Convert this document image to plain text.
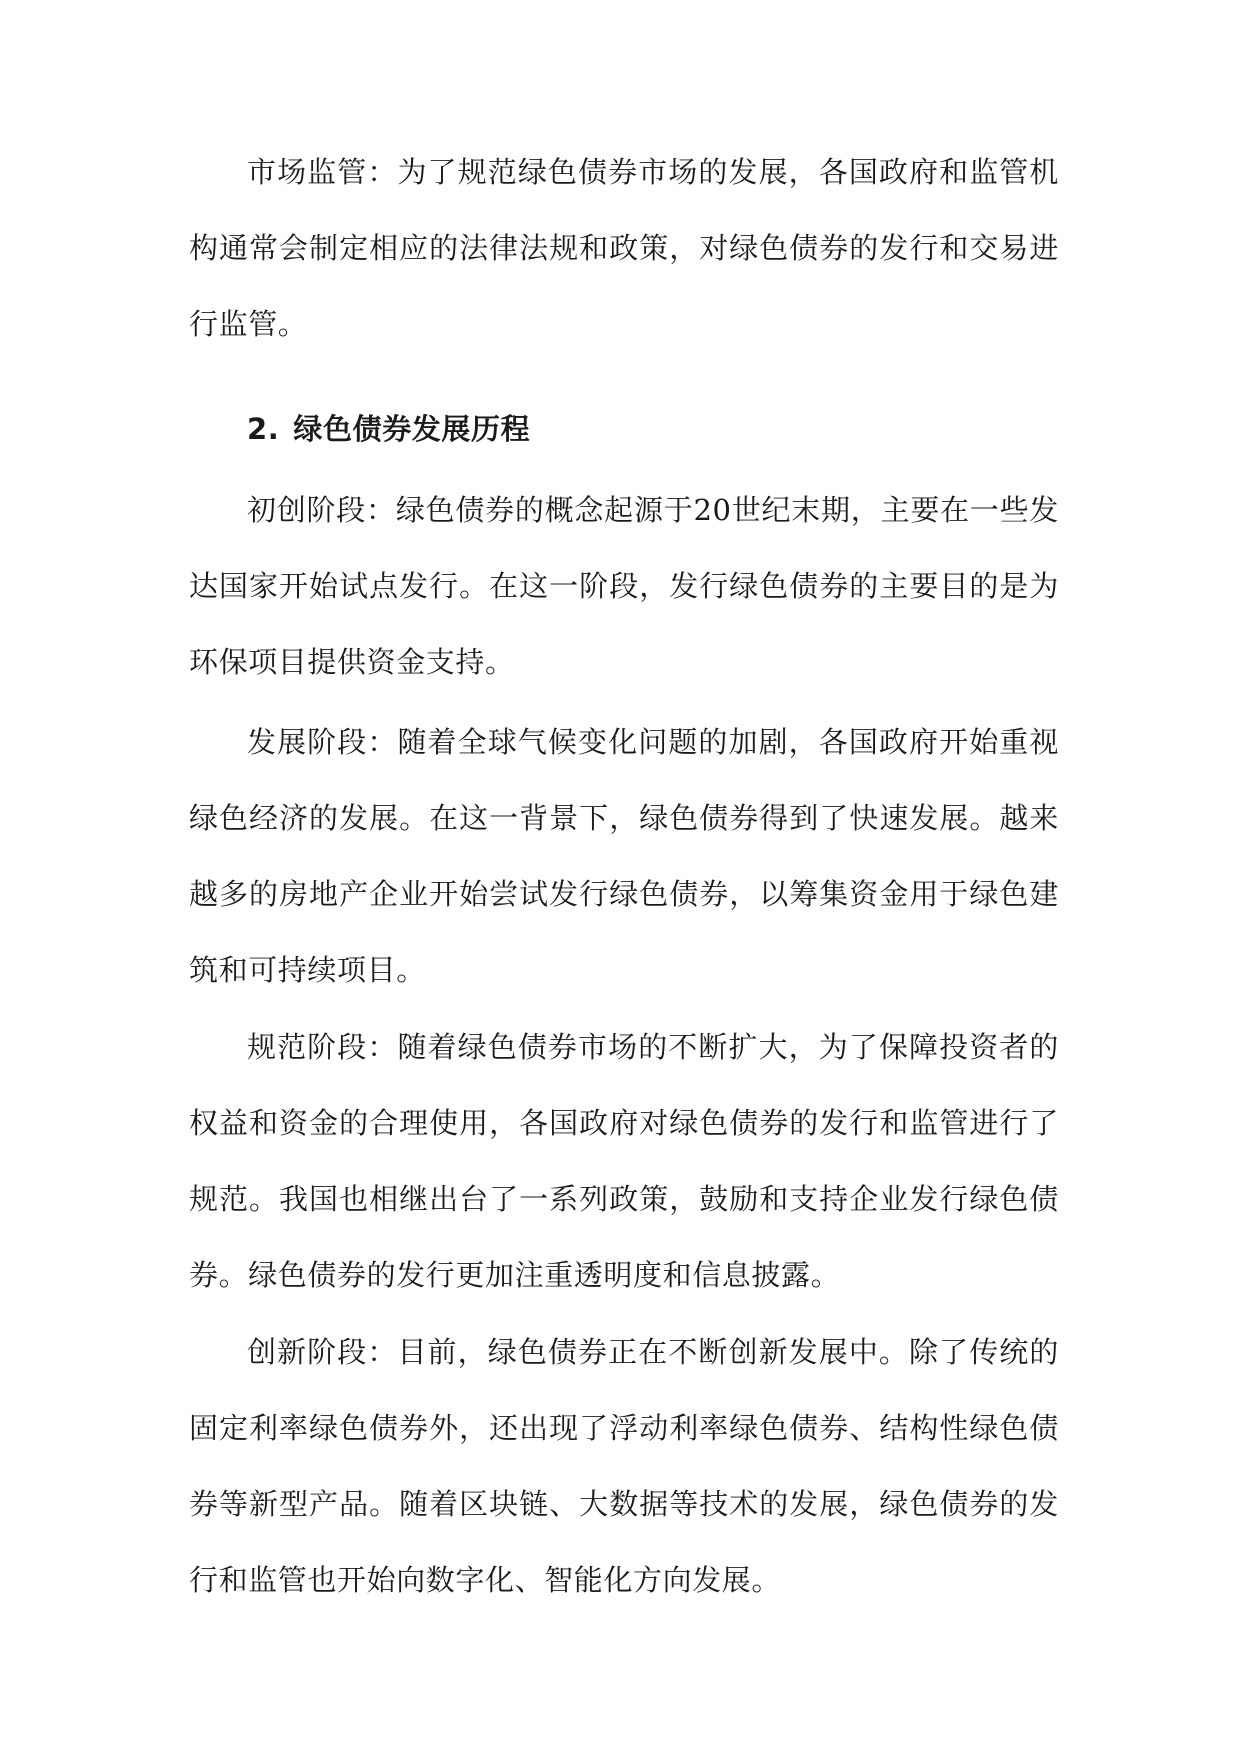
市场监管：为了规范绿色债券市场的发展，各国政府和监管机构通常会制定相应的法律法规和政策，对绿色债券的发行和交易进行监管。

2. 绿色债券发展历程

初创阶段：绿色债券的概念起源于20世纪末期，主要在一些发达国家开始试点发行。在这一阶段，发行绿色债券的主要目的是为环保项目提供资金支持。

发展阶段：随着全球气候变化问题的加剧，各国政府开始重视绿色经济的发展。在这一背景下，绿色债券得到了快速发展。越来越多的房地产企业开始尝试发行绿色债券，以筹集资金用于绿色建筑和可持续项目。

规范阶段：随着绿色债券市场的不断扩大，为了保障投资者的权益和资金的合理使用，各国政府对绿色债券的发行和监管进行了规范。我国也相继出台了一系列政策，鼓励和支持企业发行绿色债券。绿色债券的发行更加注重透明度和信息披露。

创新阶段：目前，绿色债券正在不断创新发展中。除了传统的固定利率绿色债券外，还出现了浮动利率绿色债券、结构性绿色债券等新型产品。随着区块链、大数据等技术的发展，绿色债券的发行和监管也开始向数字化、智能化方向发展。
